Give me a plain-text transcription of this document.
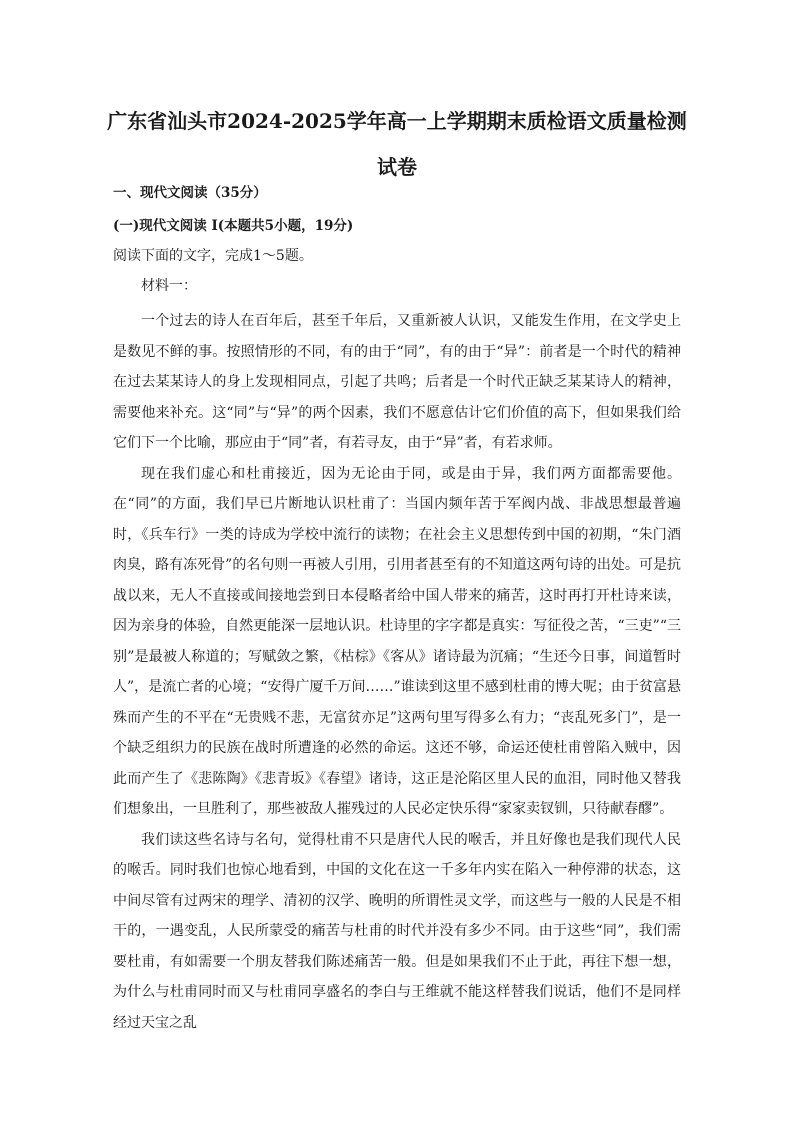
广东省汕头市2024-2025学年高一上学期期末质检语文质量检测
试卷
一、现代文阅读（35分）
(一)现代文阅读 I(本题共5小题，19分)
阅读下面的文字，完成1～5题。
材料一：

一个过去的诗人在百年后，甚至千年后，又重新被人认识，又能发生作用，在文学史上是数见不鲜的事。按照情形的不同，有的由于“同”，有的由于“异”：前者是一个时代的精神在过去某某诗人的身上发现相同点，引起了共鸣；后者是一个时代正缺乏某某诗人的精神，需要他来补充。这“同”与“异”的两个因素，我们不愿意估计它们价值的高下，但如果我们给它们下一个比喻，那应由于“同”者，有若寻友，由于“异”者，有若求师。

现在我们虚心和杜甫接近，因为无论由于同，或是由于异，我们两方面都需要他。在“同”的方面，我们早已片断地认识杜甫了：当国内频年苦于军阀内战、非战思想最普遍时，《兵车行》一类的诗成为学校中流行的读物；在社会主义思想传到中国的初期，“朱门酒肉臭，路有冻死骨”的名句则一再被人引用，引用者甚至有的不知道这两句诗的出处。可是抗战以来，无人不直接或间接地尝到日本侵略者给中国人带来的痛苦，这时再打开杜诗来读，因为亲身的体验，自然更能深一层地认识。杜诗里的字字都是真实：写征役之苦，“三吏”“三别”是最被人称道的；写赋敛之繁，《枯棕》《客从》诸诗最为沉痛；“生还今日事，间道暂时人”，是流亡者的心境；“安得广厦千万间……”谁读到这里不感到杜甫的博大呢；由于贫富悬殊而产生的不平在“无贵贱不悲，无富贫亦足”这两句里写得多么有力；“丧乱死多门”，是一个缺乏组织力的民族在战时所遭逢的必然的命运。这还不够，命运还使杜甫曾陷入贼中，因此而产生了《悲陈陶》《悲青坂》《春望》诸诗，这正是沦陷区里人民的血泪，同时他又替我们想象出，一旦胜利了，那些被敌人摧残过的人民必定快乐得“家家卖钗钏，只待献春醪”。

我们读这些名诗与名句，觉得杜甫不只是唐代人民的喉舌，并且好像也是我们现代人民的喉舌。同时我们也惊心地看到，中国的文化在这一千多年内实在陷入一种停滞的状态，这中间尽管有过两宋的理学、清初的汉学、晚明的所谓性灵文学，而这些与一般的人民是不相干的，一遇变乱，人民所蒙受的痛苦与杜甫的时代并没有多少不同。由于这些“同”，我们需要杜甫，有如需要一个朋友替我们陈述痛苦一般。但是如果我们不止于此，再往下想一想，为什么与杜甫同时而又与杜甫同享盛名的李白与王维就不能这样替我们说话，他们不是同样经过天宝之乱
